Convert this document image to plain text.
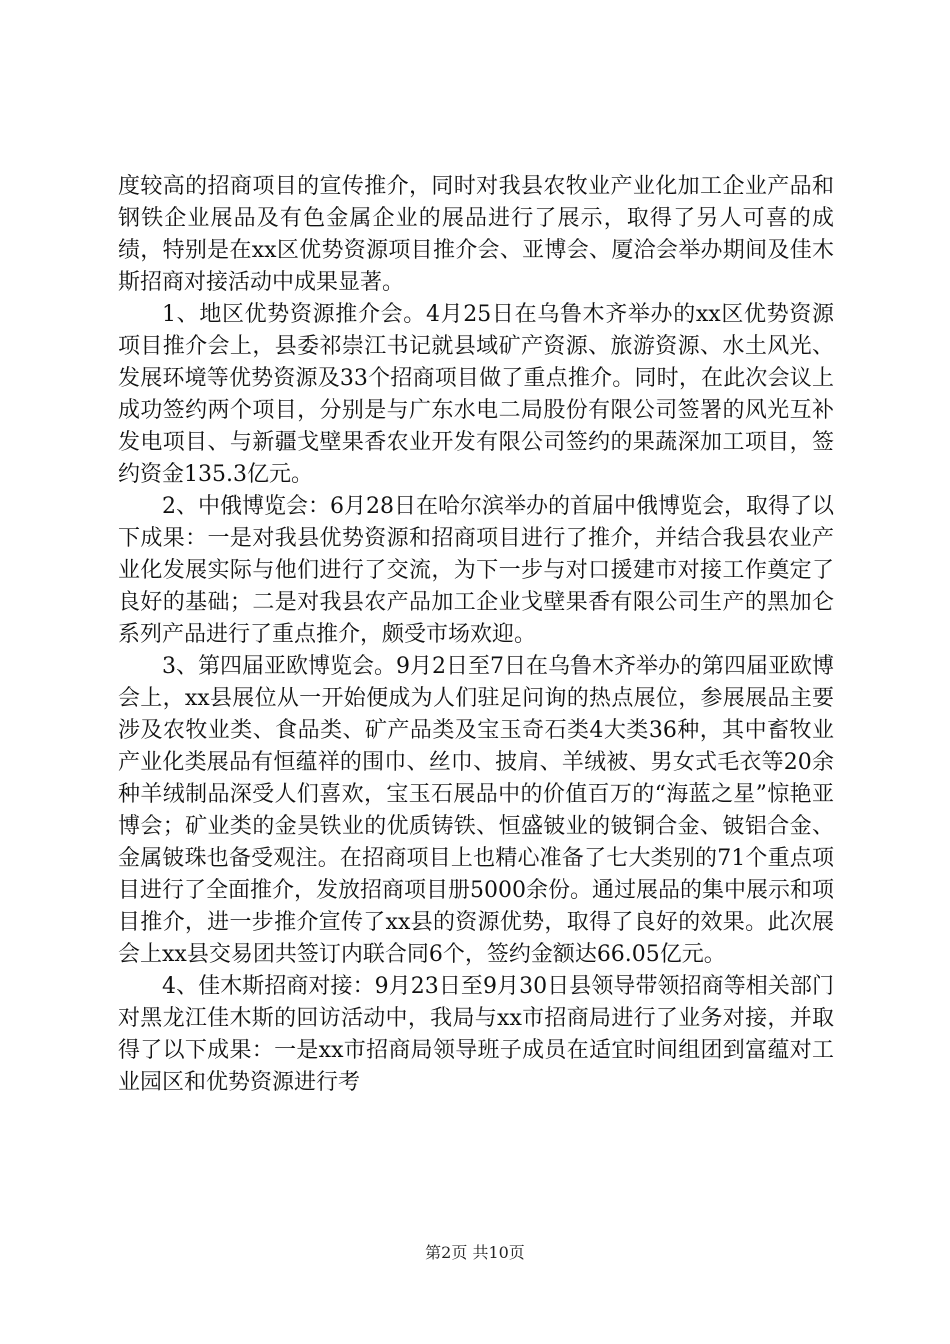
度较高的招商项目的宣传推介，同时对我县农牧业产业化加工企业产品和钢铁企业展品及有色金属企业的展品进行了展示，取得了另人可喜的成绩，特别是在xx区优势资源项目推介会、亚博会、厦洽会举办期间及佳木斯招商对接活动中成果显著。

1、地区优势资源推介会。4月25日在乌鲁木齐举办的xx区优势资源项目推介会上，县委祁崇江书记就县域矿产资源、旅游资源、水土风光、发展环境等优势资源及33个招商项目做了重点推介。同时，在此次会议上成功签约两个项目，分别是与广东水电二局股份有限公司签署的风光互补发电项目、与新疆戈壁果香农业开发有限公司签约的果蔬深加工项目，签约资金135.3亿元。

2、中俄博览会：6月28日在哈尔滨举办的首届中俄博览会，取得了以下成果：一是对我县优势资源和招商项目进行了推介，并结合我县农业产业化发展实际与他们进行了交流，为下一步与对口援建市对接工作奠定了良好的基础；二是对我县农产品加工企业戈壁果香有限公司生产的黑加仑系列产品进行了重点推介，颇受市场欢迎。

3、第四届亚欧博览会。9月2日至7日在乌鲁木齐举办的第四届亚欧博会上，xx县展位从一开始便成为人们驻足问询的热点展位，参展展品主要涉及农牧业类、食品类、矿产品类及宝玉奇石类4大类36种，其中畜牧业产业化类展品有恒蕴祥的围巾、丝巾、披肩、羊绒被、男女式毛衣等20余种羊绒制品深受人们喜欢，宝玉石展品中的价值百万的“海蓝之星”惊艳亚博会；矿业类的金昊铁业的优质铸铁、恒盛铍业的铍铜合金、铍铝合金、金属铍珠也备受观注。在招商项目上也精心准备了七大类别的71个重点项目进行了全面推介，发放招商项目册5000余份。通过展品的集中展示和项目推介，进一步推介宣传了xx县的资源优势，取得了良好的效果。此次展会上xx县交易团共签订内联合同6个，签约金额达66.05亿元。

4、佳木斯招商对接：9月23日至9月30日县领导带领招商等相关部门对黑龙江佳木斯的回访活动中，我局与xx市招商局进行了业务对接，并取得了以下成果：一是xx市招商局领导班子成员在适宜时间组团到富蕴对工业园区和优势资源进行考

第2页 共10页
